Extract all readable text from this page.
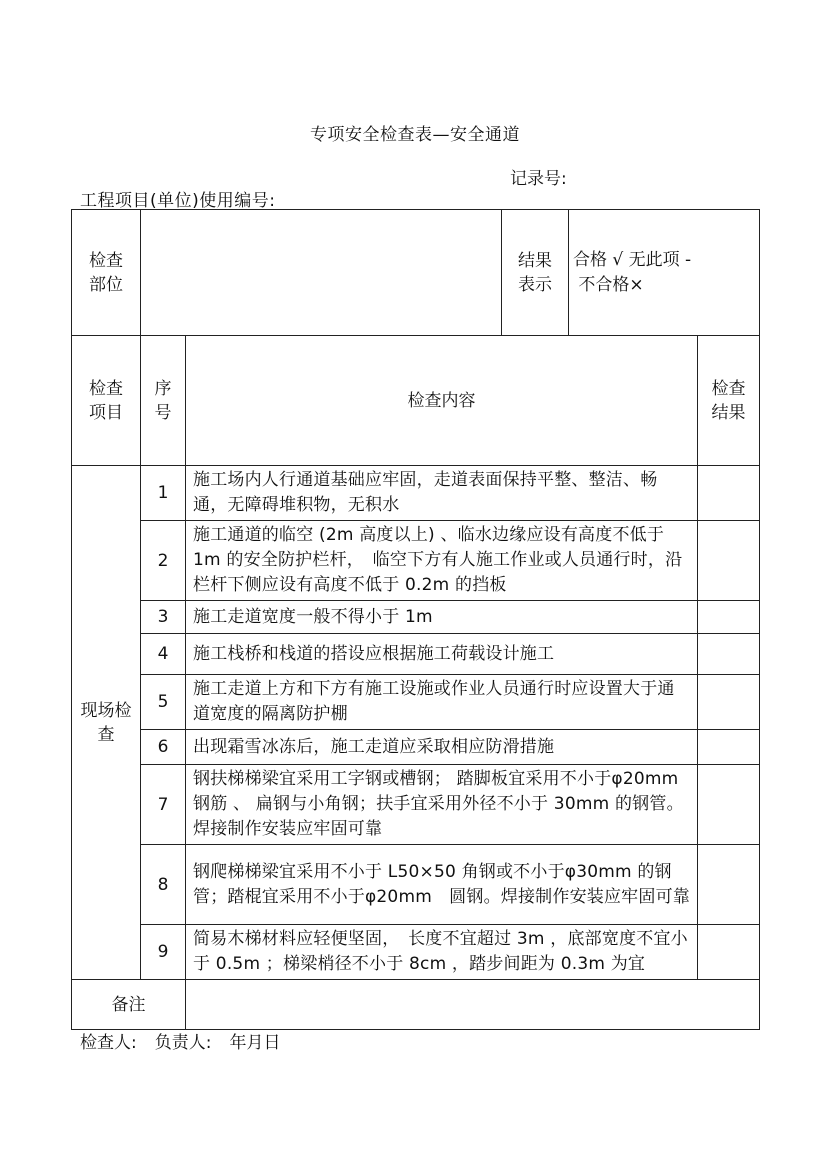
专项安全检查表—安全通道
记录号:
工程项目(单位)使用编号:
检查部位			结果表示	合格 √ 无此项 -
不合格×	

检查项目	序号	检查内容			检查结果

现场检查	1	施工场内人行通道基础应牢固，走道表面保持平整、整洁、畅通，无障碍堆积物，无积水			
	2	施工通道的临空 (2m 高度以上) 、临水边缘应设有高度不低于 1m 的安全防护栏杆，　临空下方有人施工作业或人员通行时，沿栏杆下侧应设有高度不低于 0.2m 的挡板			
	3	施工走道宽度一般不得小于 1m			
	4	施工栈桥和栈道的搭设应根据施工荷载设计施工			
	5	施工走道上方和下方有施工设施或作业人员通行时应设置大于通道宽度的隔离防护棚			
	6	出现霜雪冰冻后，施工走道应采取相应防滑措施			
	7	钢扶梯梯梁宜采用工字钢或槽钢； 踏脚板宜采用不小于φ20mm 钢筋 、 扁钢与小角钢；扶手宜采用外径不小于 30mm 的钢管。焊接制作安装应牢固可靠			
	8	钢爬梯梯梁宜采用不小于 L50×50 角钢或不小于φ30mm 的钢管；踏棍宜采用不小于φ20mm　圆钢。焊接制作安装应牢固可靠			
	9	简易木梯材料应轻便坚固，　长度不宜超过 3m ，底部宽度不宜小于 0.5m ；梯梁梢径不小于 8cm ，踏步间距为 0.3m 为宜			
备注					
检查人: 负责人: 年月日
